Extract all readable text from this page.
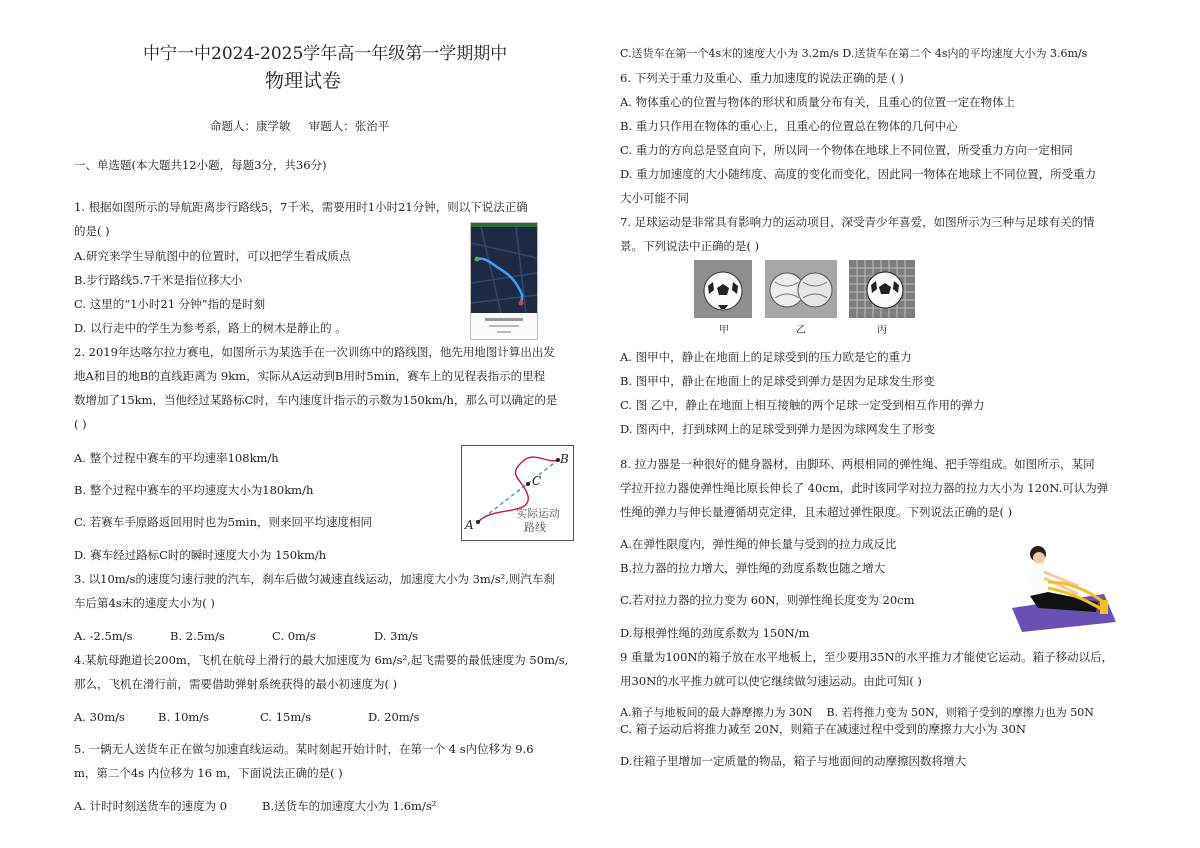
中宁一中2024-2025学年高一年级第一学期期中
物理试卷
命题人：康学敏     审题人：张治平
一、单选题(本大题共12小题，每题3分，共36分)
1. 根据如图所示的导航距离步行路线5，7千米，需要用时1小时21分钟，则以下说法正确
的是( )
A.研究来学生导航图中的位置时，可以把学生看成质点
B.步行路线5.7千米是指位移大小
C. 这里的“1小时21 分钟”指的是时刻
D. 以行走中的学生为参考系，路上的树木是静止的 。
2. 2019年达喀尔拉力赛电，如图所示为某选手在一次训练中的路线图，他先用地图计算出出发
地A和目的地B的直线距离为 9km，实际从A运动到B用时5min，赛车上的见程表指示的里程
数增加了15km，当他经过某路标C时，车内速度计指示的示数为150km/h，那么可以确定的是
( )
A. 整个过程中赛车的平均速率108km/h
B. 整个过程中赛车的平均速度大小为180km/h
C. 若赛车手原路返回用时也为5min，则来回平均速度相同
D. 赛车经过路标C时的瞬时速度大小为 150km/h
A
B
C
实际运动
路线
3. 以10m/s的速度匀速行驶的汽车，刹车后做匀减速直线运动，加速度大小为 3m/s²,则汽车刹
车后第4s末的速度大小为( )
A. -2.5m/s	B. 2.5m/s	C. 0m/s	D. 3m/s
4.某航母跑道长200m，飞机在航母上滑行的最大加速度为 6m/s²,起飞需要的最低速度为 50m/s,
那么，飞机在滑行前，需要借助弹射系统获得的最小初速度为( )
A. 30m/s	B. 10m/s	C. 15m/s	D. 20m/s
5. 一辆无人送货车正在做匀加速直线运动。某时刻起开始计时，在第一个 4 s内位移为 9.6
m，第二个4s 内位移为 16 m，下面说法正确的是( )
A. 计时时刻送货车的速度为 0	B.送货车的加速度大小为 1.6m/s²
C.送货车在第一个4s末的速度大小为 3.2m/s D.送货车在第二个 4s内的平均速度大小为 3.6m/s
6. 下列关于重力及重心、重力加速度的说法正确的是 ( )
A. 物体重心的位置与物体的形状和质量分布有关，且重心的位置一定在物体上
B. 重力只作用在物体的重心上，且重心的位置总在物体的几何中心
C. 重力的方向总是竖直向下，所以同一个物体在地球上不同位置，所受重力方向一定相同
D. 重力加速度的大小随纬度、高度的变化而变化，因此同一物体在地球上不同位置，所受重力
大小可能不同
7. 足球运动是非常具有影响力的运动项目，深受青少年喜爱，如图所示为三种与足球有关的情
景。下列说法中正确的是( )
甲	乙	丙
A. 图甲中，静止在地面上的足球受到的压力欧是它的重力
B. 图甲中，静止在地面上的足球受到弹力是因为足球发生形变
C. 图 乙中，静止在地面上相互接触的两个足球一定受到相互作用的弹力
D. 图丙中，打到球网上的足球受到弹力是因为球网发生了形变
8. 拉力器是一种很好的健身器材，由脚环、两根相同的弹性绳、把手等组成。如图所示，某同
学拉开拉力器使弹性绳比原长伸长了 40cm，此时该同学对拉力器的拉力大小为 120N.可认为弹
性绳的弹力与伸长量遵循胡克定律，且未超过弹性限度。下列说法正确的是( )
A.在弹性限度内，弹性绳的伸长量与受到的拉力成反比
B.拉力器的拉力增大，弹性绳的劲度系数也随之增大
C.若对拉力器的拉力变为 60N，则弹性绳长度变为 20cm
D.每根弹性绳的劲度系数为 150N/m
9 重量为100N的箱子放在水平地板上，至少要用35N的水平推力才能使它运动。箱子移动以后，
用30N的水平推力就可以使它继续做匀速运动。由此可知( )
A.箱子与地板间的最大静摩擦力为 30N    B. 若将推力变为 50N，则箱子受到的摩擦力也为 50N
C. 箱子运动后将推力减至 20N，则箱子在减速过程中受到的摩擦力大小为 30N
D.往箱子里增加一定质量的物品，箱子与地面间的动摩擦因数将增大
